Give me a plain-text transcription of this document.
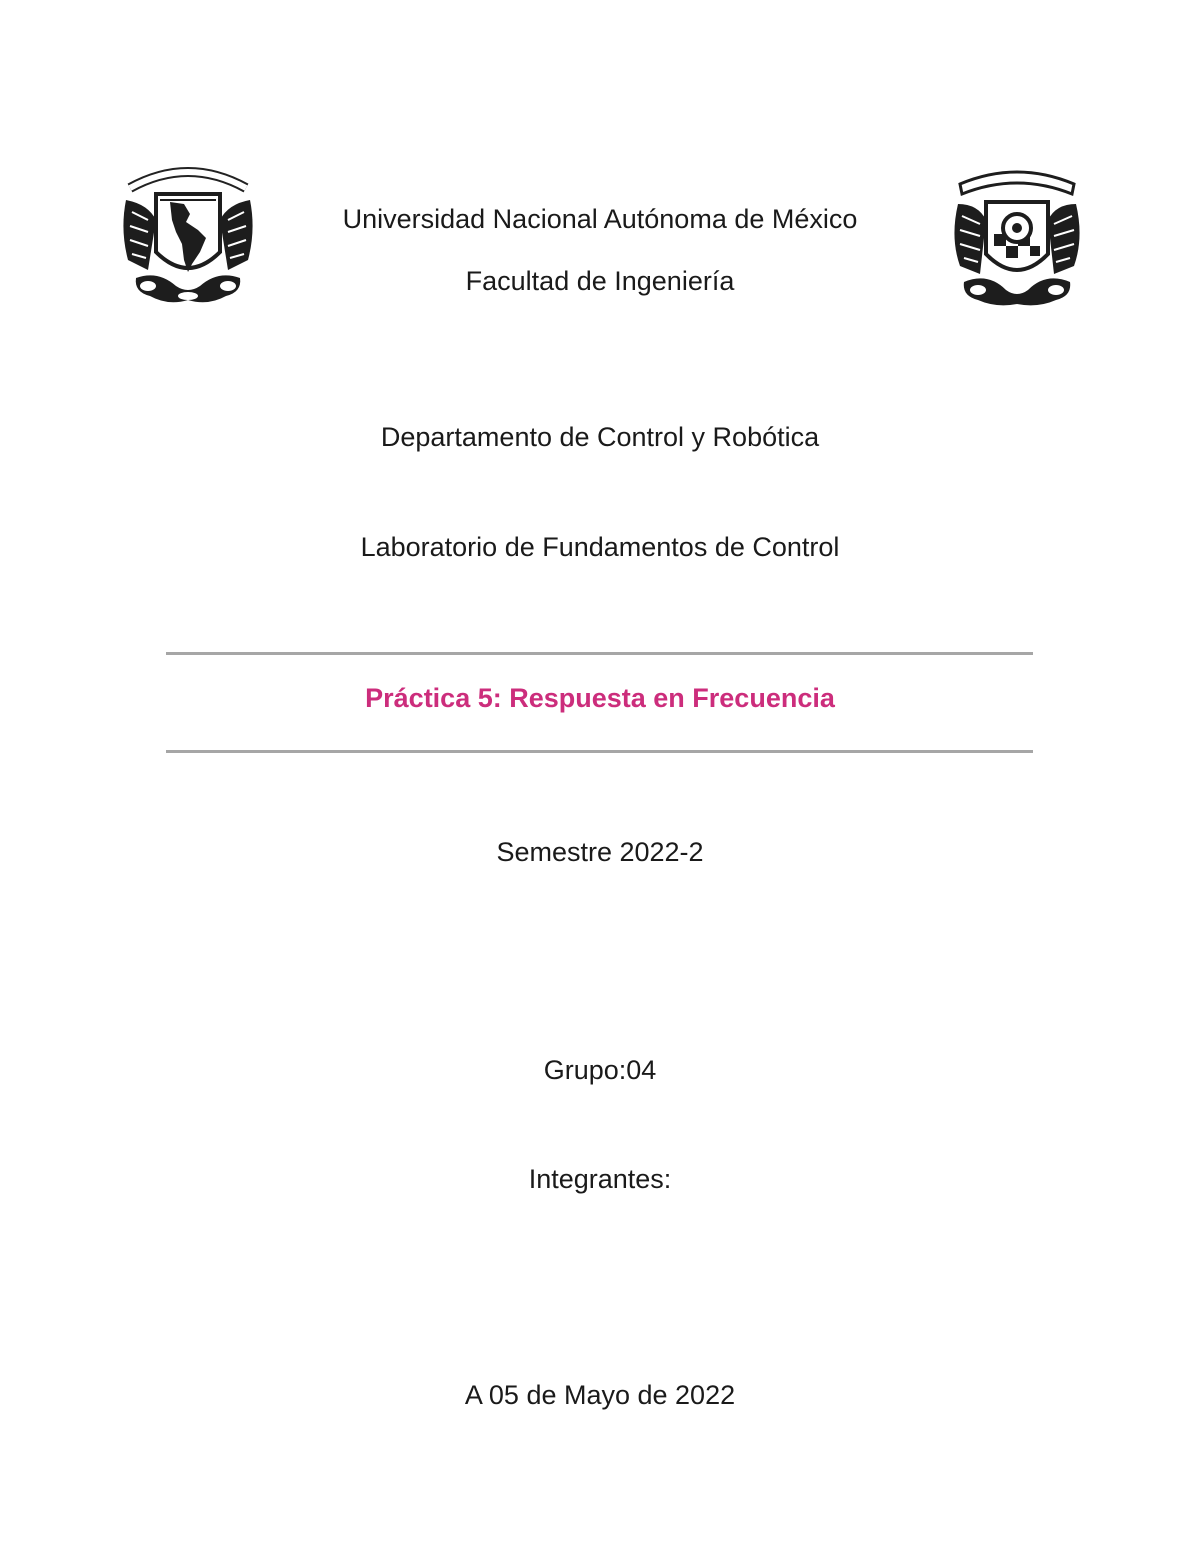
Universidad Nacional Autónoma de México
Facultad de Ingeniería
Departamento de Control y Robótica
Laboratorio de Fundamentos de Control
Práctica 5: Respuesta en Frecuencia
Semestre 2022-2
Grupo:04
Integrantes:
A 05 de Mayo de 2022
